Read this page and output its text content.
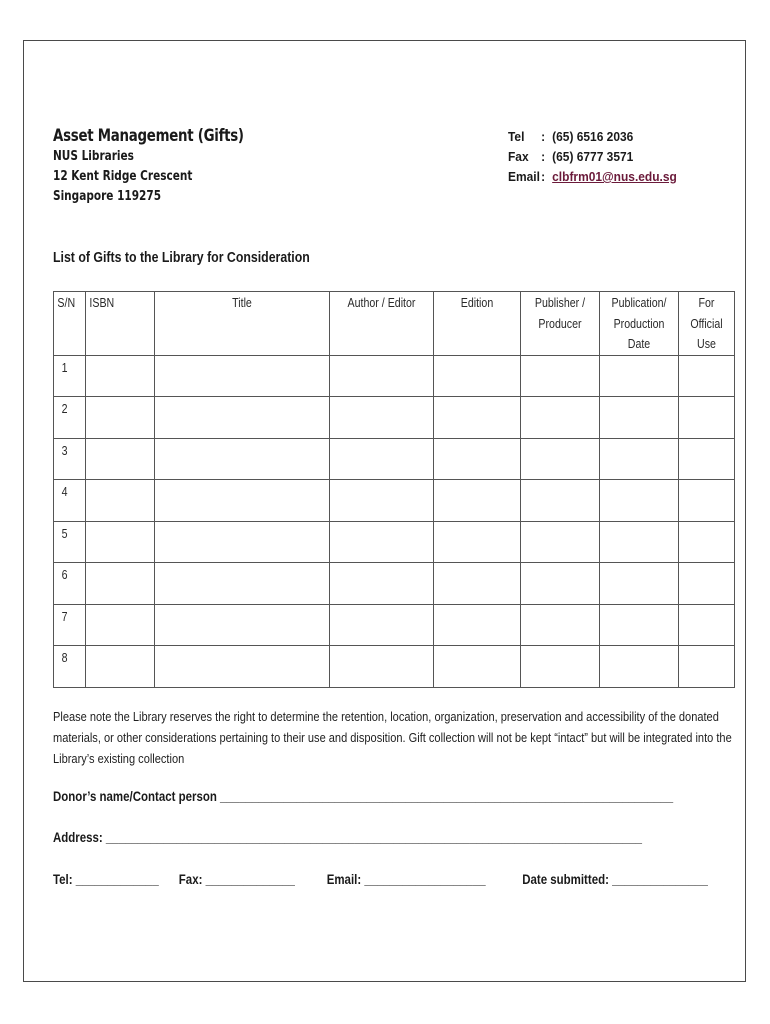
Asset Management (Gifts)
NUS Libraries
12 Kent Ridge Crescent
Singapore 119275
Tel	: (65) 6516 2036
Fax : (65) 6777 3571
Email : clbfrm01@nus.edu.sg
List of Gifts to the Library for Consideration
S/N	ISBN	Title	Author / Editor	Edition	Publisher / Producer	Publication/ Production Date	For Official Use

1							

2							

3							

4							

5							

6							

7							

8							

Please note the Library reserves the right to determine the retention, location, organization, preservation and accessibility of the donated materials, or other considerations pertaining to their use and disposition. Gift collection will not be kept “intact” but will be integrated into the Library’s existing collection
Donor’s name/Contact person _______________________________________________________________________
Address: ____________________________________________________________________________________
Tel: _____________	Fax: ______________	Email: ___________________	Date submitted: _______________
